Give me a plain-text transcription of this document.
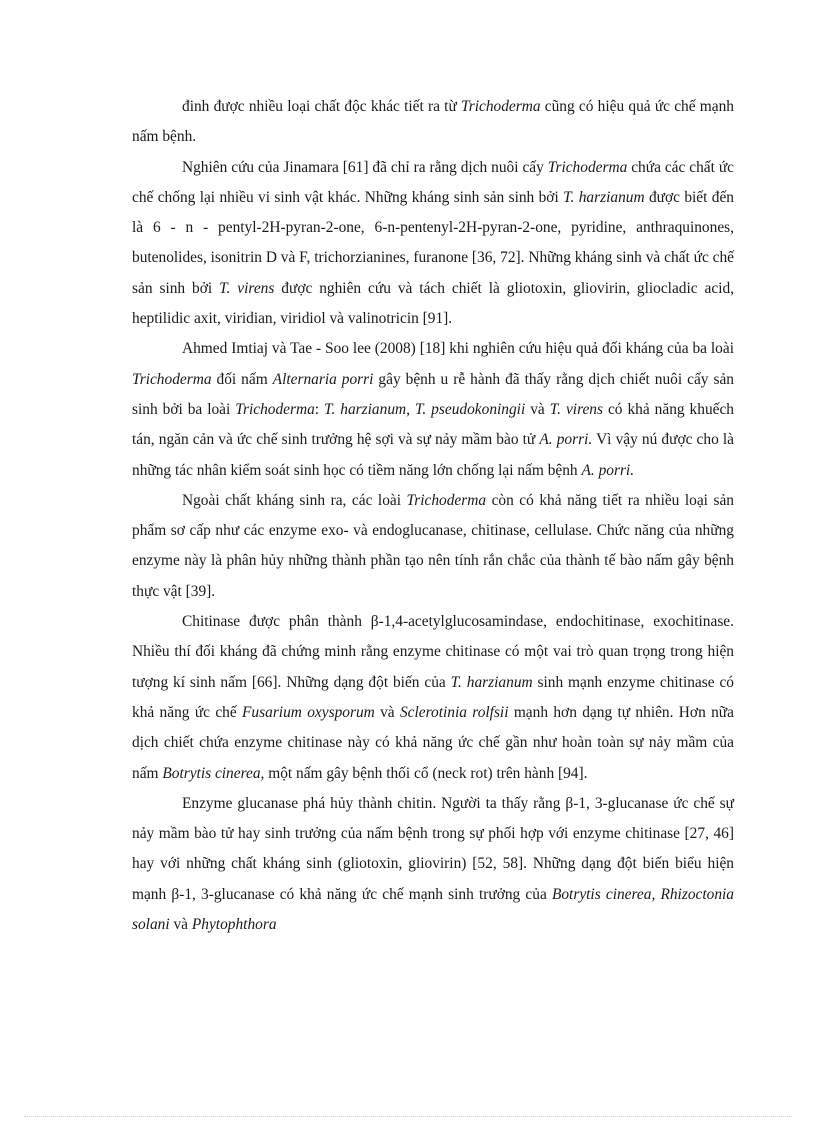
đinh được nhiều loại chất độc khác tiết ra từ Trichoderma cũng có hiệu quả ức chế mạnh nấm bệnh.

Nghiên cứu của Jinamara [61] đã chỉ ra rằng dịch nuôi cấy Trichoderma chứa các chất ức chế chống lại nhiều vi sinh vật khác. Những kháng sinh sản sinh bởi T. harzianum được biết đến là 6 - n - pentyl-2H-pyran-2-one, 6-n-pentenyl-2H-pyran-2-one, pyridine, anthraquinones, butenolides, isonitrin D và F, trichorzianines, furanone [36, 72]. Những kháng sinh và chất ức chế sản sinh bởi T. virens được nghiên cứu và tách chiết là gliotoxin, gliovirin, gliocladic acid, heptilidic axit, viridian, viridiol và valinotricin [91].

Ahmed Imtiaj và Tae - Soo lee (2008) [18] khi nghiên cứu hiệu quả đối kháng của ba loài Trichoderma đối nấm Alternaria porri gây bệnh u rễ hành đã thấy rằng dịch chiết nuôi cấy sản sinh bởi ba loài Trichoderma: T. harzianum, T. pseudokoningii và T. virens có khả năng khuếch tán, ngăn cản và ức chế sinh trưởng hệ sợi và sự nảy mầm bào tử A. porri. Vì vậy nú được cho là những tác nhân kiểm soát sinh học có tiềm năng lớn chống lại nấm bệnh A. porri.

Ngoài chất kháng sinh ra, các loài Trichoderma còn có khả năng tiết ra nhiều loại sản phẩm sơ cấp như các enzyme exo- và endoglucanase, chitinase, cellulase. Chức năng của những enzyme này là phân hủy những thành phần tạo nên tính rắn chắc của thành tế bào nấm gây bệnh thực vật [39].

Chitinase được phân thành β-1,4-acetylglucosamindase, endochitinase, exochitinase. Nhiều thí đối kháng đã chứng minh rằng enzyme chitinase có một vai trò quan trọng trong hiện tượng kí sinh nấm [66]. Những dạng đột biến của T. harzianum sinh mạnh enzyme chitinase có khả năng ức chế Fusarium oxysporum và Sclerotinia rolfsii mạnh hơn dạng tự nhiên. Hơn nữa dịch chiết chứa enzyme chitinase này có khả năng ức chế gần như hoàn toàn sự nảy mầm của nấm Botrytis cinerea, một nấm gây bệnh thối cổ (neck rot) trên hành [94].

Enzyme glucanase phá hủy thành chitin. Người ta thấy rằng β-1, 3-glucanase ức chế sự nảy mầm bào tử hay sinh trưởng của nấm bệnh trong sự phối hợp với enzyme chitinase [27, 46] hay với những chất kháng sinh (gliotoxin, gliovirin) [52, 58]. Những dạng đột biến biểu hiện mạnh β-1, 3-glucanase có khả năng ức chế mạnh sinh trưởng của Botrytis cinerea, Rhizoctonia solani và Phytophthora
